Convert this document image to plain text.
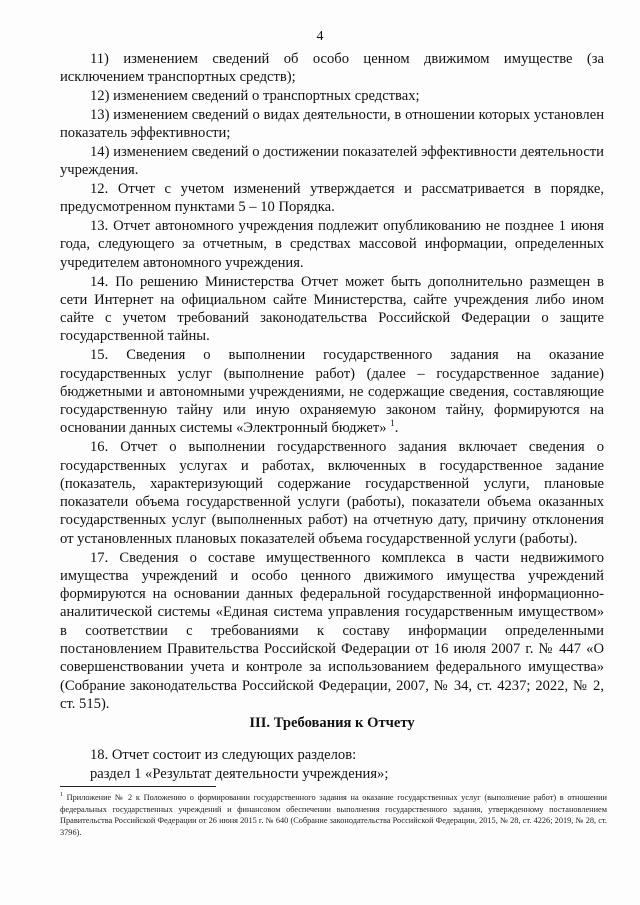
4

11) изменением сведений об особо ценном движимом имуществе (за исключением транспортных средств);

12) изменением сведений о транспортных средствах;

13) изменением сведений о видах деятельности, в отношении которых установлен показатель эффективности;

14) изменением сведений о достижении показателей эффективности деятельности учреждения.

12. Отчет с учетом изменений утверждается и рассматривается в порядке, предусмотренном пунктами 5 – 10 Порядка.

13. Отчет автономного учреждения подлежит опубликованию не позднее 1 июня года, следующего за отчетным, в средствах массовой информации, определенных учредителем автономного учреждения.

14. По решению Министерства Отчет может быть дополнительно размещен в сети Интернет на официальном сайте Министерства, сайте учреждения либо ином сайте с учетом требований законодательства Российской Федерации о защите государственной тайны.

15. Сведения о выполнении государственного задания на оказание государственных услуг (выполнение работ) (далее – государственное задание) бюджетными и автономными учреждениями, не содержащие сведения, составляющие государственную тайну или иную охраняемую законом тайну, формируются на основании данных системы «Электронный бюджет» $^1$.

16. Отчет о выполнении государственного задания включает сведения о государственных услугах и работах, включенных в государственное задание (показатель, характеризующий содержание государственной услуги, плановые показатели объема государственной услуги (работы), показатели объема оказанных государственных услуг (выполненных работ) на отчетную дату, причину отклонения от установленных плановых показателей объема государственной услуги (работы).

17. Сведения о составе имущественного комплекса в части недвижимого имущества учреждений и особо ценного движимого имущества учреждений формируются на основании данных федеральной государственной информационно-аналитической системы «Единая система управления государственным имуществом» в соответствии с требованиями к составу информации определенными постановлением Правительства Российской Федерации от 16 июля 2007 г. № 447 «О совершенствовании учета и контроле за использованием федерального имущества» (Собрание законодательства Российской Федерации, 2007, № 34, ст. 4237; 2022, № 2, ст. 515).

III. Требования к Отчету

18. Отчет состоит из следующих разделов:

раздел 1 «Результат деятельности учреждения»;

$^1$ Приложение № 2 к Положению о формировании государственного задания на оказание государственных услуг (выполнение работ) в отношении федеральных государственных учреждений и финансовом обеспечении выполнения государственного задания, утвержденному постановлением Правительства Российской Федерации от 26 июня 2015 г. № 640 (Собрание законодательства Российской Федерации, 2015, № 28, ст. 4226; 2019, № 28, ст. 3796).
